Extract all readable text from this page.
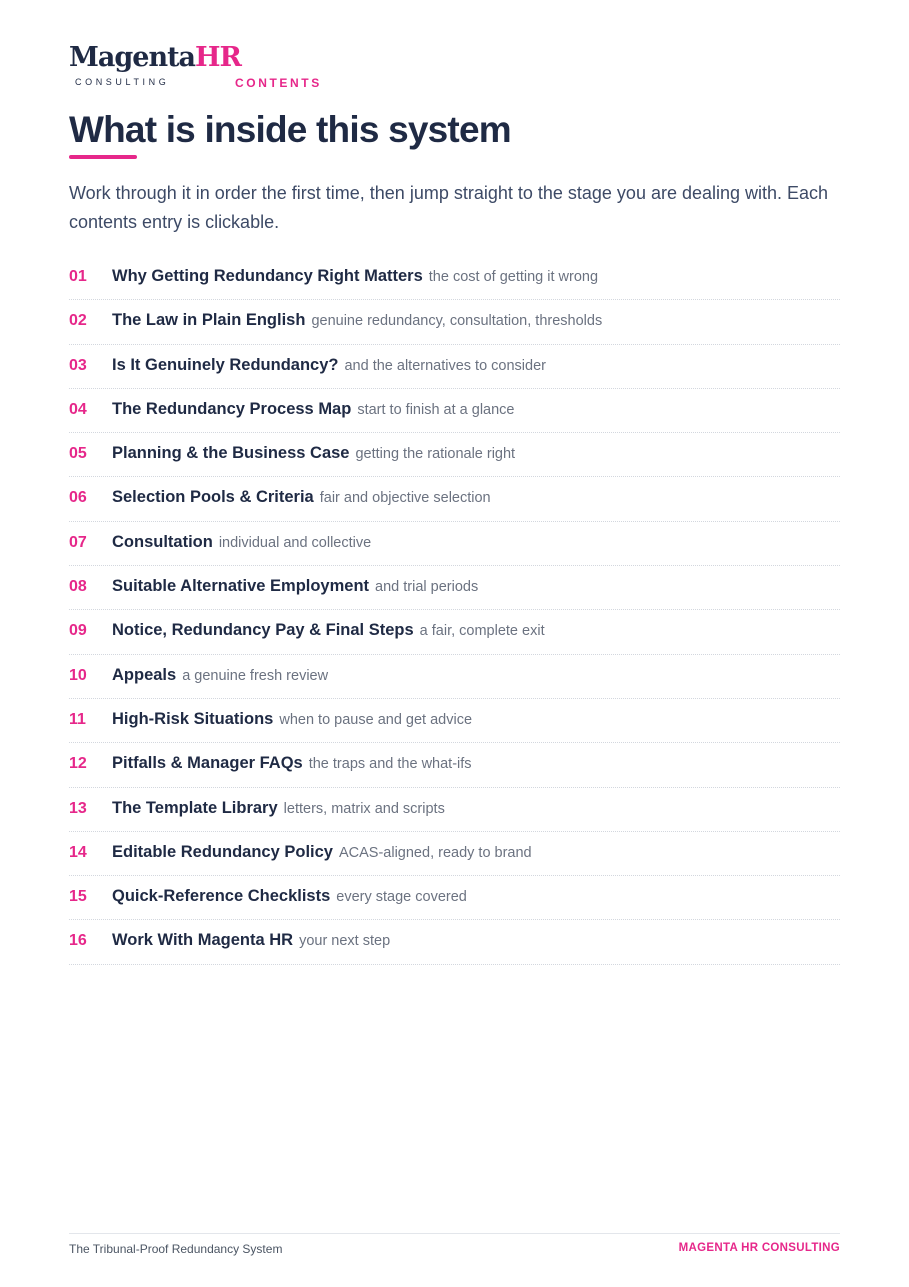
MagentaHR
CONSULTING	CONTENTS
What is inside this system

Work through it in order the first time, then jump straight to the stage you are dealing with. Each contents entry is clickable.

01 Why Getting Redundancy Right Matters the cost of getting it wrong
02 The Law in Plain English genuine redundancy, consultation, thresholds
03 Is It Genuinely Redundancy? and the alternatives to consider
04 The Redundancy Process Map start to finish at a glance
05 Planning & the Business Case getting the rationale right
06 Selection Pools & Criteria fair and objective selection
07 Consultation individual and collective
08 Suitable Alternative Employment and trial periods
09 Notice, Redundancy Pay & Final Steps a fair, complete exit
10 Appeals a genuine fresh review
11 High-Risk Situations when to pause and get advice
12 Pitfalls & Manager FAQs the traps and the what-ifs
13 The Template Library letters, matrix and scripts
14 Editable Redundancy Policy ACAS-aligned, ready to brand
15 Quick-Reference Checklists every stage covered
16 Work With Magenta HR your next step
The Tribunal-Proof Redundancy System	MAGENTA HR CONSULTING
